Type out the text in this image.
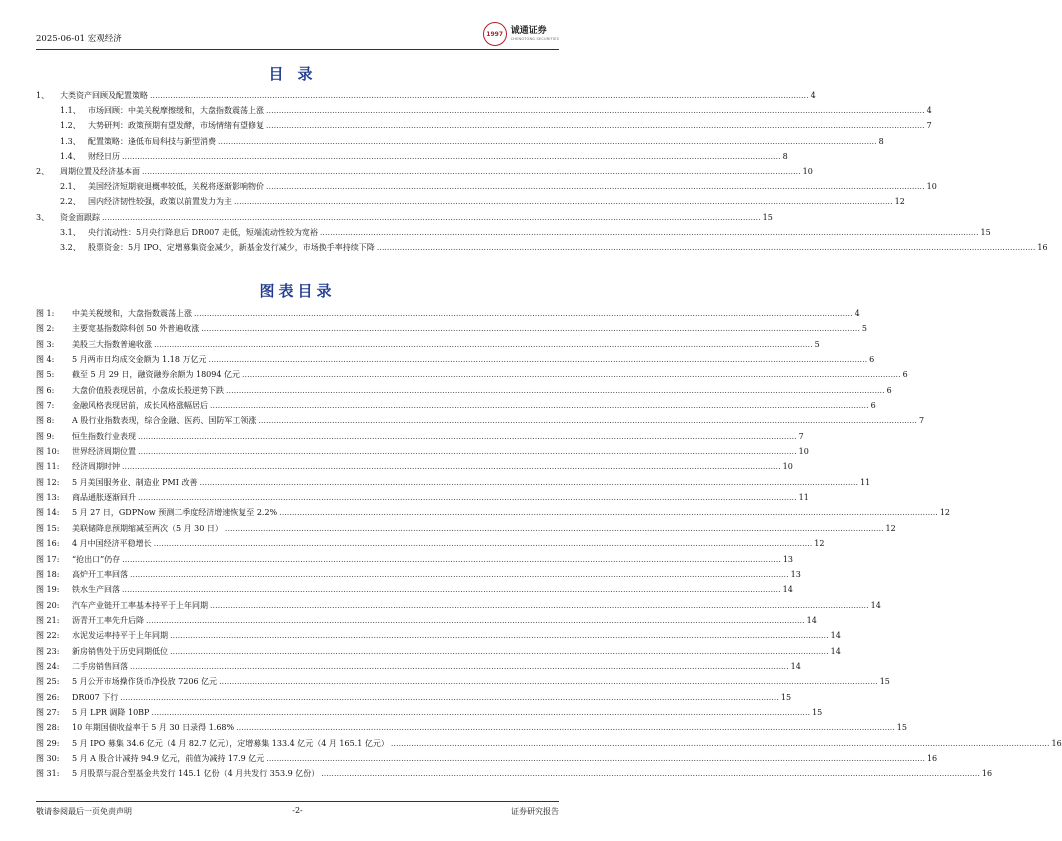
2025-06-01 宏观经济	1997 诚通证券
CHENGTONG SECURITIES
目录
1、	大类资产回顾及配置策略 .....	4
1.1、 市场回顾：中美关税摩擦缓和，大盘指数震荡上涨 .....	4
1.2、 大势研判：政策预期有望发酵，市场情绪有望修复 .....	7
1.3、 配置策略：逢低布局科技与新型消费 .....	8
1.4、 财经日历 .....	8
2、	周期位置及经济基本面 .....	10
2.1、 美国经济短期衰退概率较低，关税将逐渐影响物价 .....	10
2.2、 国内经济韧性较强，政策以前置发力为主 .....	12
3、	资金面跟踪 .....	15
3.1、 央行流动性：5月央行降息后 DR007 走低，短端流动性较为宽裕 .....	15
3.2、 股票资金：5月 IPO、定增募集资金减少，新基金发行减少，市场换手率持续下降 .....	16
图表目录
图 1:	中美关税缓和，大盘指数震荡上涨 .....	4
图 2:	主要宽基指数除科创 50 外普遍收涨 .....	5
图 3:	美股三大指数普遍收涨 .....	5
图 4:	5 月两市日均成交金额为 1.18 万亿元 .....	6
图 5:	截至 5 月 29 日，融资融券余额为 18094 亿元 .....	6
图 6:	大盘价值股表现居前，小盘成长股逆势下跌 .....	6
图 7:	金融风格表现居前，成长风格涨幅居后 .....	6
图 8:	A 股行业指数表现，综合金融、医药、国防军工领涨 .....	7
图 9:	恒生指数行业表现 .....	7
图 10:	世界经济周期位置 .....	10
图 11:	经济周期时钟 .....	10
图 12:	5 月美国服务业、制造业 PMI 改善 .....	11
图 13:	商品通胀逐渐回升 .....	11
图 14:	5 月 27 日，GDPNow 预测二季度经济增速恢复至 2.2% .....	12
图 15:	美联储降息预期缩减至两次（5 月 30 日） .....	12
图 16:	4 月中国经济平稳增长 .....	12
图 17:	“抢出口”仍存 .....	13
图 18:	高炉开工率回落 .....	13
图 19:	铁水生产回落 .....	14
图 20:	汽车产业链开工率基本持平于上年同期 .....	14
图 21:	沥青开工率先升后降 .....	14
图 22:	水泥发运率持平于上年同期 .....	14
图 23:	新房销售处于历史同期低位 .....	14
图 24:	二手房销售回落 .....	14
图 25:	5 月公开市场操作货币净投放 7206 亿元 .....	15
图 26:	DR007 下行 .....	15
图 27:	5 月 LPR 调降 10BP .....	15
图 28:	10 年期国债收益率于 5 月 30 日录得 1.68% .....	15
图 29:	5 月 IPO 募集 34.6 亿元（4 月 82.7 亿元），定增募集 133.4 亿元（4 月 165.1 亿元） .....	16
图 30:	5 月 A 股合计减持 94.9 亿元，前值为减持 17.9 亿元 .....	16
图 31:	5 月股票与混合型基金共发行 145.1 亿份（4 月共发行 353.9 亿份） .....	16
敬请参阅最后一页免责声明	-2-	证券研究报告
